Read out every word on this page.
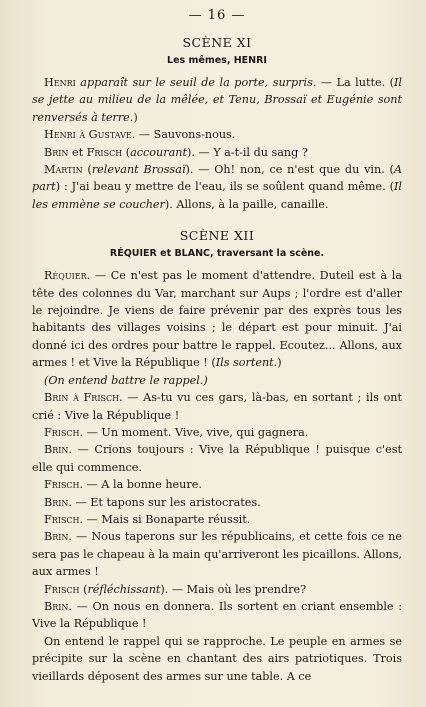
— 16 —
SCÈNE XI
Les mêmes, HENRI

Henri apparaît sur le seuil de la porte, surpris. — La lutte. (Il se jette au milieu de la mêlée, et Tenu, Brossaï et Eugénie sont renversés à terre.)

Henri à Gustave. — Sauvons-nous.

Brin et Frisch (accourant). — Y a-t-il du sang ?

Martin (relevant Brossaï). — Oh! non, ce n'est que du vin. (A part) : J'ai beau y mettre de l'eau, ils se soûlent quand même. (Il les emmène se coucher). Allons, à la paille, canaille.

SCÈNE XII
RÉQUIER et BLANC, traversant la scène.

Réquier. — Ce n'est pas le moment d'attendre. Duteil est à la tête des colonnes du Var, marchant sur Aups ; l'ordre est d'aller le rejoindre. Je viens de faire prévenir par des exprès tous les habitants des villages voisins ; le départ est pour minuit. J'ai donné ici des ordres pour battre le rappel. Ecoutez... Allons, aux armes ! et Vive la République ! (Ils sortent.)

(On entend battre le rappel.)

Brin à Frisch. — As-tu vu ces gars, là-bas, en sortant ; ils ont crié : Vive la République !

Frisch. — Un moment. Vive, vive, qui gagnera.

Brin. — Crions toujours : Vive la République ! puisque c'est elle qui commence.

Frisch. — A la bonne heure.

Brin. — Et tapons sur les aristocrates.

Frisch. — Mais si Bonaparte réussit.

Brin. — Nous taperons sur les républicains, et cette fois ce ne sera pas le chapeau à la main qu'arriveront les picaillons. Allons, aux armes !

Frisch (réfléchissant). — Mais où les prendre?

Brin. — On nous en donnera. Ils sortent en criant ensemble : Vive la République !

On entend le rappel qui se rapproche. Le peuple en armes se précipite sur la scène en chantant des airs patriotiques. Trois vieillards déposent des armes sur une table. A ce
